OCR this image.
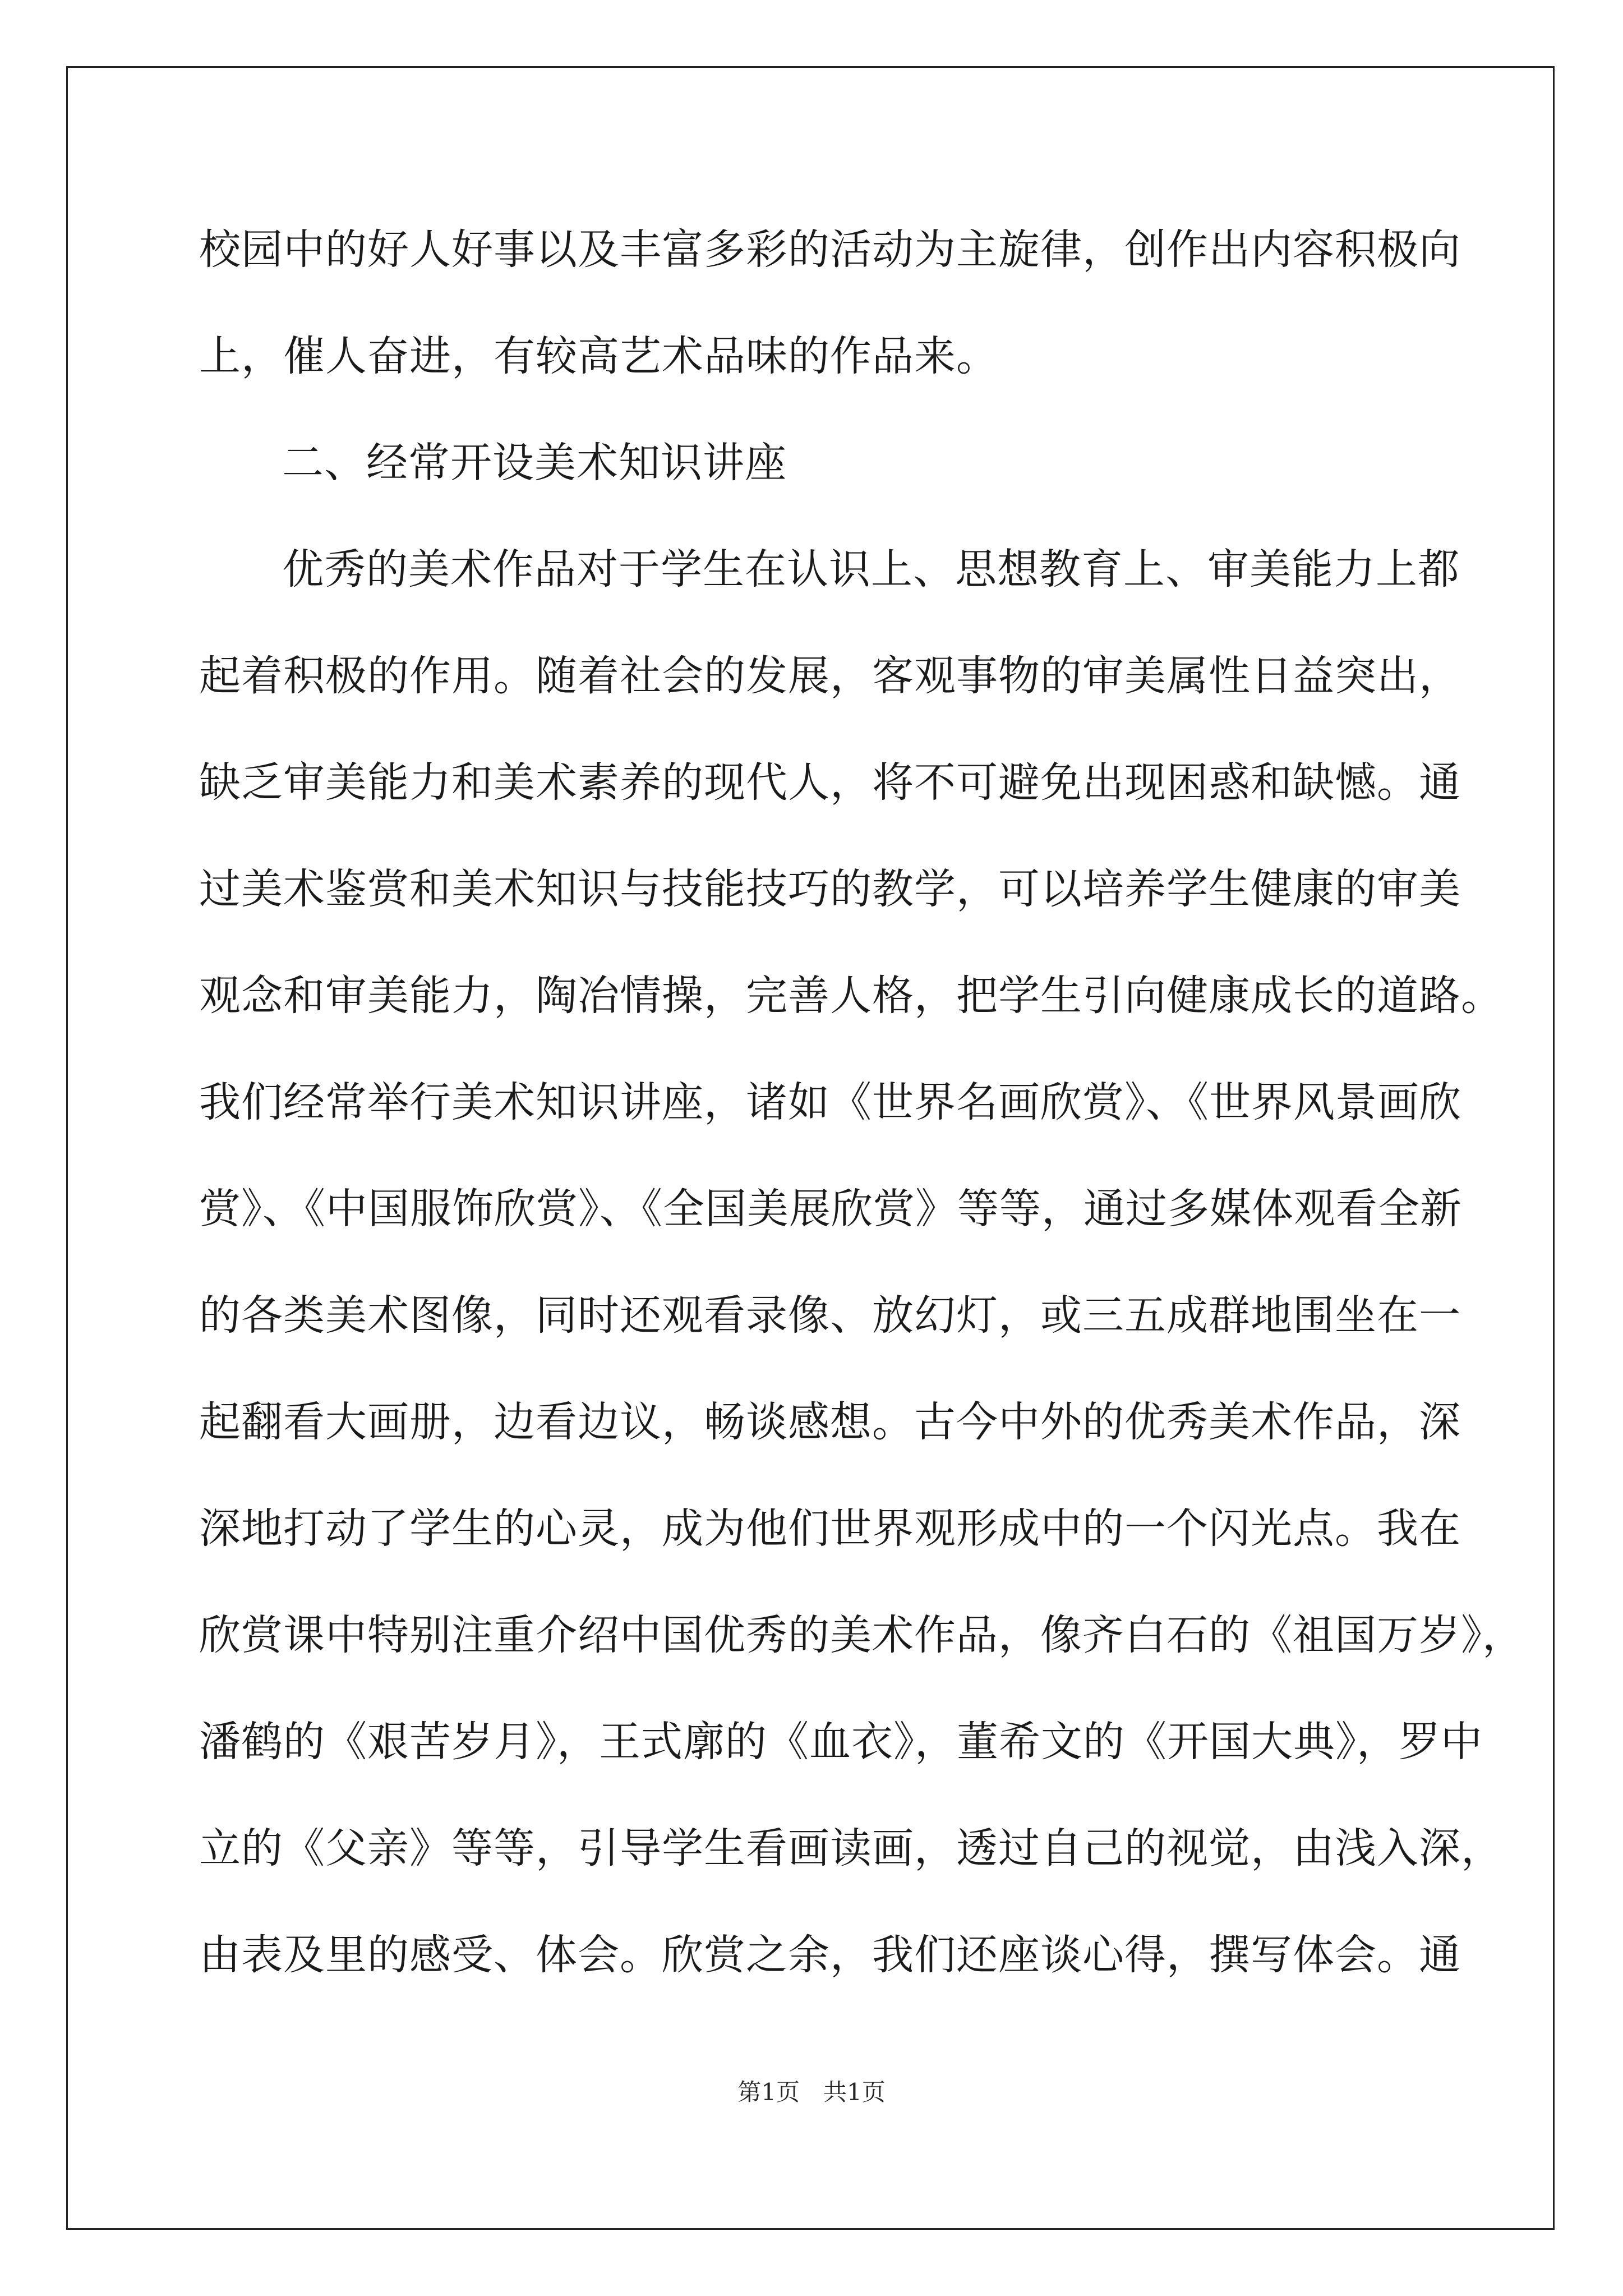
校园中的好人好事以及丰富多彩的活动为主旋律，创作出内容积极向
上，催人奋进，有较高艺术品味的作品来。
二、经常开设美术知识讲座
优秀的美术作品对于学生在认识上、思想教育上、审美能力上都
起着积极的作用。随着社会的发展，客观事物的审美属性日益突出，
缺乏审美能力和美术素养的现代人，将不可避免出现困惑和缺憾。通
过美术鉴赏和美术知识与技能技巧的教学，可以培养学生健康的审美
观念和审美能力，陶冶情操，完善人格，把学生引向健康成长的道路。
我们经常举行美术知识讲座，诸如《世界名画欣赏》、《世界风景画欣
赏》、《中国服饰欣赏》、《全国美展欣赏》等等，通过多媒体观看全新
的各类美术图像，同时还观看录像、放幻灯，或三五成群地围坐在一
起翻看大画册，边看边议，畅谈感想。古今中外的优秀美术作品，深
深地打动了学生的心灵，成为他们世界观形成中的一个闪光点。我在
欣赏课中特别注重介绍中国优秀的美术作品，像齐白石的《祖国万岁》，
潘鹤的《艰苦岁月》，王式廓的《血衣》，董希文的《开国大典》，罗中
立的《父亲》等等，引导学生看画读画，透过自己的视觉，由浅入深，
由表及里的感受、体会。欣赏之余，我们还座谈心得，撰写体会。通
第1页　共1页
